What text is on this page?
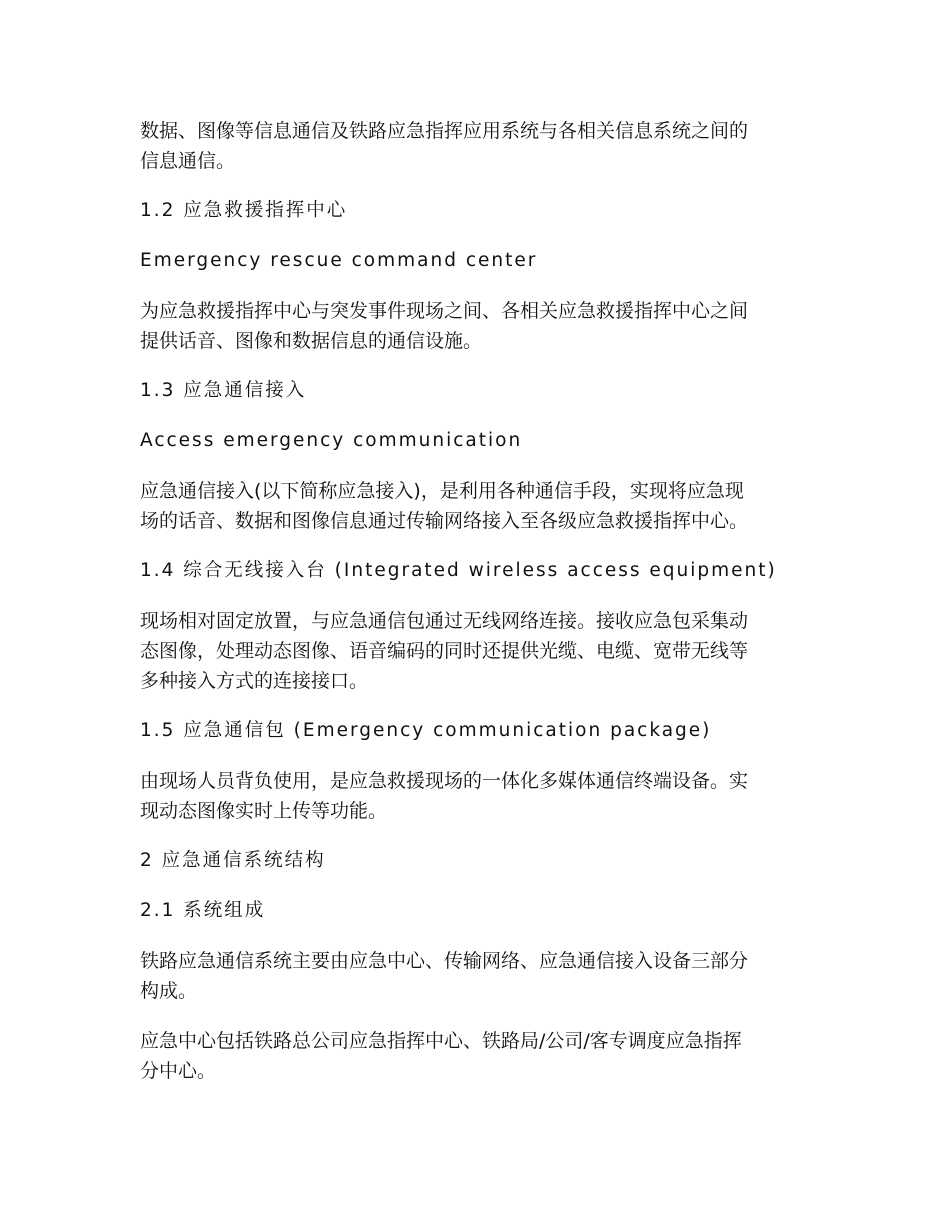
数据、图像等信息通信及铁路应急指挥应用系统与各相关信息系统之间的
信息通信。
1.2 应急救援指挥中心
Emergency rescue command center
为应急救援指挥中心与突发事件现场之间、各相关应急救援指挥中心之间
提供话音、图像和数据信息的通信设施。
1.3 应急通信接入
Access emergency communication
应急通信接入(以下简称应急接入)，是利用各种通信手段，实现将应急现
场的话音、数据和图像信息通过传输网络接入至各级应急救援指挥中心。
1.4 综合无线接入台 (Integrated wireless access equipment)
现场相对固定放置，与应急通信包通过无线网络连接。接收应急包采集动
态图像，处理动态图像、语音编码的同时还提供光缆、电缆、宽带无线等
多种接入方式的连接接口。
1.5 应急通信包 (Emergency communication package)
由现场人员背负使用，是应急救援现场的一体化多媒体通信终端设备。实
现动态图像实时上传等功能。
2 应急通信系统结构
2.1 系统组成
铁路应急通信系统主要由应急中心、传输网络、应急通信接入设备三部分
构成。
应急中心包括铁路总公司应急指挥中心、铁路局/公司/客专调度应急指挥
分中心。
